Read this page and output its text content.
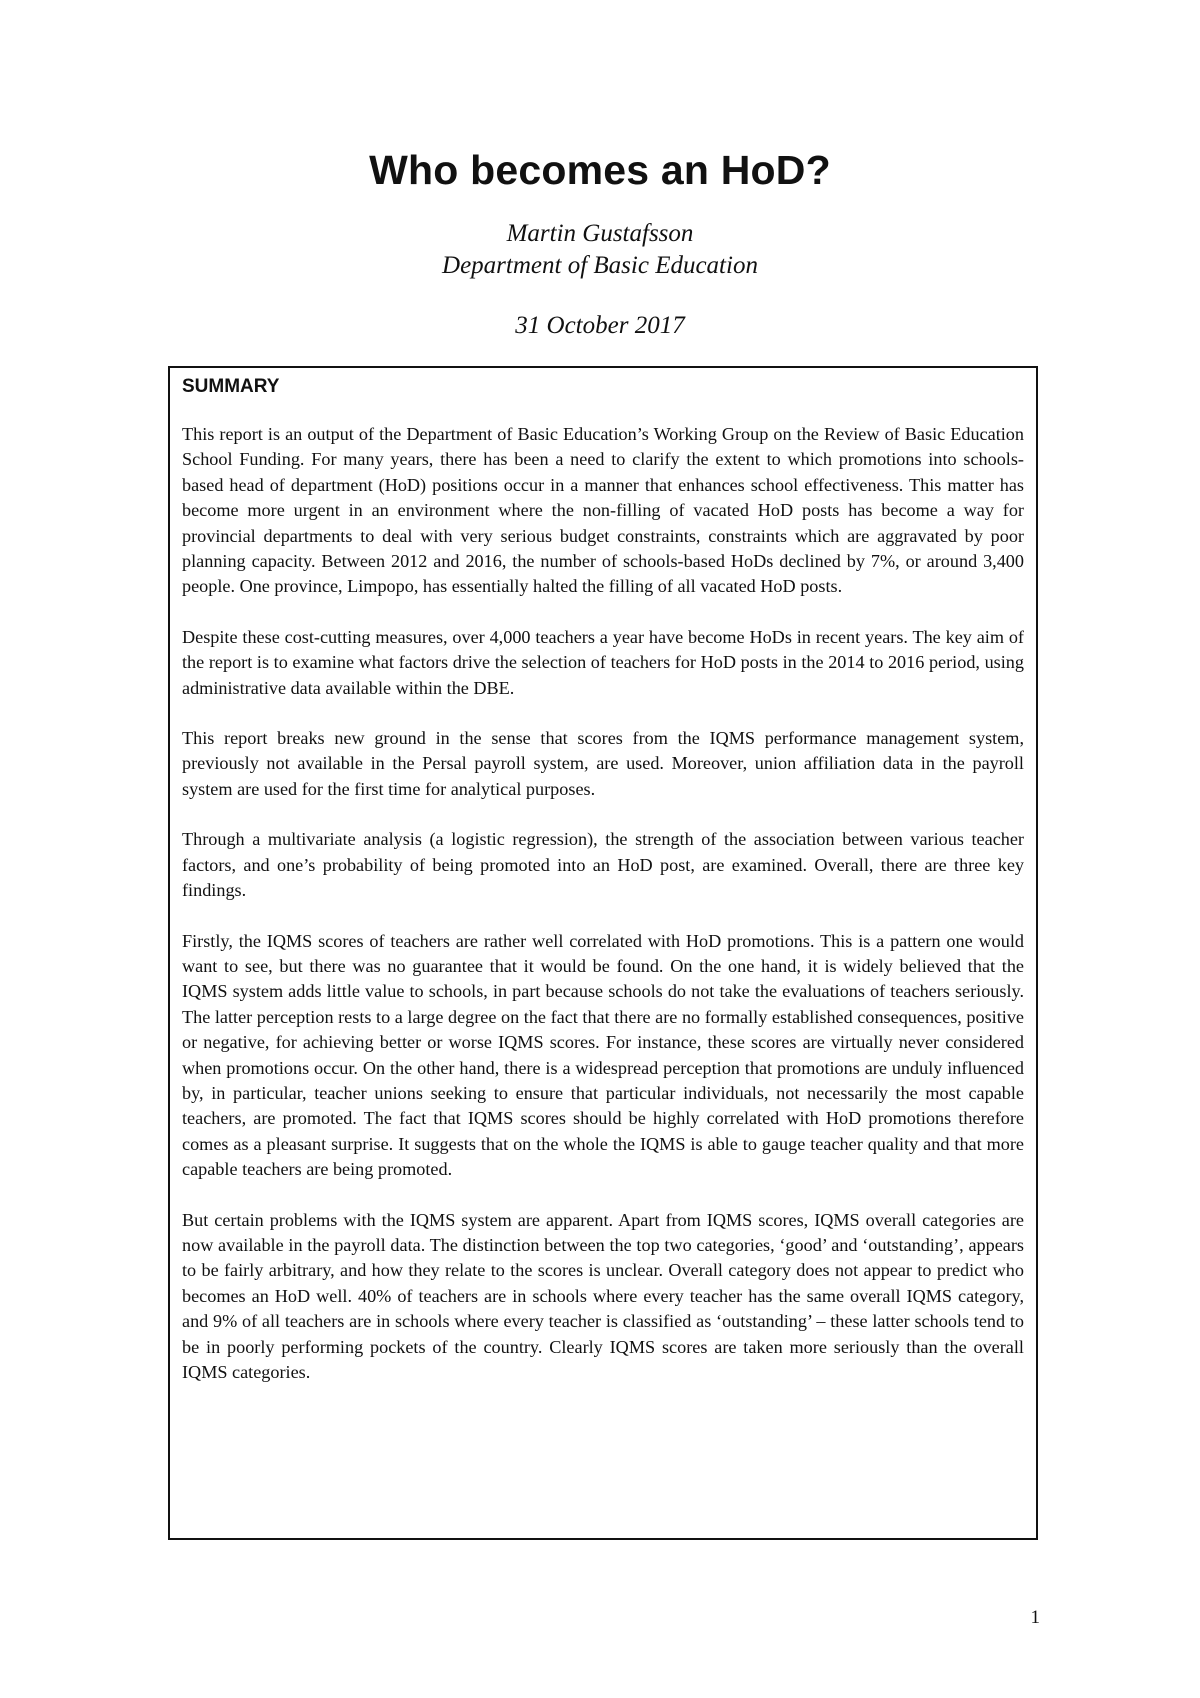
Who becomes an HoD?
Martin Gustafsson
Department of Basic Education
31 October 2017
SUMMARY

This report is an output of the Department of Basic Education’s Working Group on the Review of Basic Education School Funding. For many years, there has been a need to clarify the extent to which promotions into schools-based head of department (HoD) positions occur in a manner that enhances school effectiveness. This matter has become more urgent in an environment where the non-filling of vacated HoD posts has become a way for provincial departments to deal with very serious budget constraints, constraints which are aggravated by poor planning capacity. Between 2012 and 2016, the number of schools-based HoDs declined by 7%, or around 3,400 people. One province, Limpopo, has essentially halted the filling of all vacated HoD posts.

Despite these cost-cutting measures, over 4,000 teachers a year have become HoDs in recent years. The key aim of the report is to examine what factors drive the selection of teachers for HoD posts in the 2014 to 2016 period, using administrative data available within the DBE.

This report breaks new ground in the sense that scores from the IQMS performance management system, previously not available in the Persal payroll system, are used. Moreover, union affiliation data in the payroll system are used for the first time for analytical purposes.

Through a multivariate analysis (a logistic regression), the strength of the association between various teacher factors, and one’s probability of being promoted into an HoD post, are examined. Overall, there are three key findings.

Firstly, the IQMS scores of teachers are rather well correlated with HoD promotions. This is a pattern one would want to see, but there was no guarantee that it would be found. On the one hand, it is widely believed that the IQMS system adds little value to schools, in part because schools do not take the evaluations of teachers seriously. The latter perception rests to a large degree on the fact that there are no formally established consequences, positive or negative, for achieving better or worse IQMS scores. For instance, these scores are virtually never considered when promotions occur. On the other hand, there is a widespread perception that promotions are unduly influenced by, in particular, teacher unions seeking to ensure that particular individuals, not necessarily the most capable teachers, are promoted. The fact that IQMS scores should be highly correlated with HoD promotions therefore comes as a pleasant surprise. It suggests that on the whole the IQMS is able to gauge teacher quality and that more capable teachers are being promoted.

But certain problems with the IQMS system are apparent. Apart from IQMS scores, IQMS overall categories are now available in the payroll data. The distinction between the top two categories, ‘good’ and ‘outstanding’, appears to be fairly arbitrary, and how they relate to the scores is unclear. Overall category does not appear to predict who becomes an HoD well. 40% of teachers are in schools where every teacher has the same overall IQMS category, and 9% of all teachers are in schools where every teacher is classified as ‘outstanding’ – these latter schools tend to be in poorly performing pockets of the country. Clearly IQMS scores are taken more seriously than the overall IQMS categories.

1
